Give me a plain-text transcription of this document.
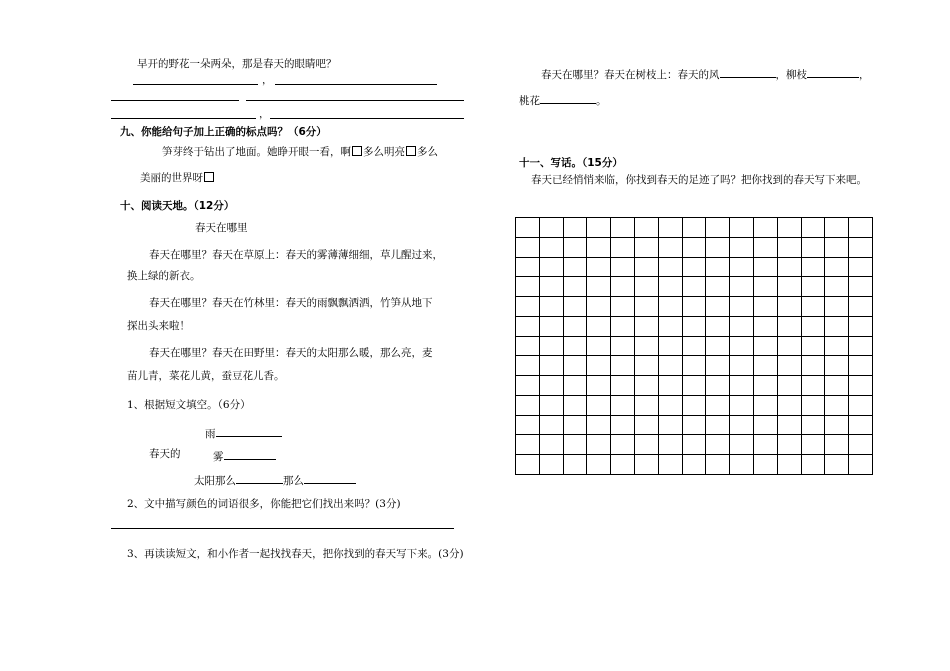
早开的野花一朵两朵，那是春天的眼睛吧？
，
，
九、你能给句子加上正确的标点吗？（6分）
笋芽终于钻出了地面。她睁开眼一看，啊 多么明亮 多么
美丽的世界呀
十、阅读天地。（12分）
春天在哪里
春天在哪里？春天在草原上：春天的雾薄薄细细，草儿醒过来，
换上绿的新衣。
春天在哪里？春天在竹林里：春天的雨飘飘洒洒，竹笋从地下
探出头来啦！
春天在哪里？春天在田野里：春天的太阳那么暖，那么亮，麦
苗儿青，菜花儿黄，蚕豆花儿香。
1、根据短文填空。（6分）
雨
春天的	雾
太阳那么	那么
2、文中描写颜色的词语很多，你能把它们找出来吗？(3分)
3、再读读短文，和小作者一起找找春天，把你找到的春天写下来。(3分)
春天在哪里？春天在树枝上：春天的风	，柳枝	，
桃花	。
十一、写话。（15分）
春天已经悄悄来临，你找到春天的足迹了吗？把你找到的春天写下来吧。
